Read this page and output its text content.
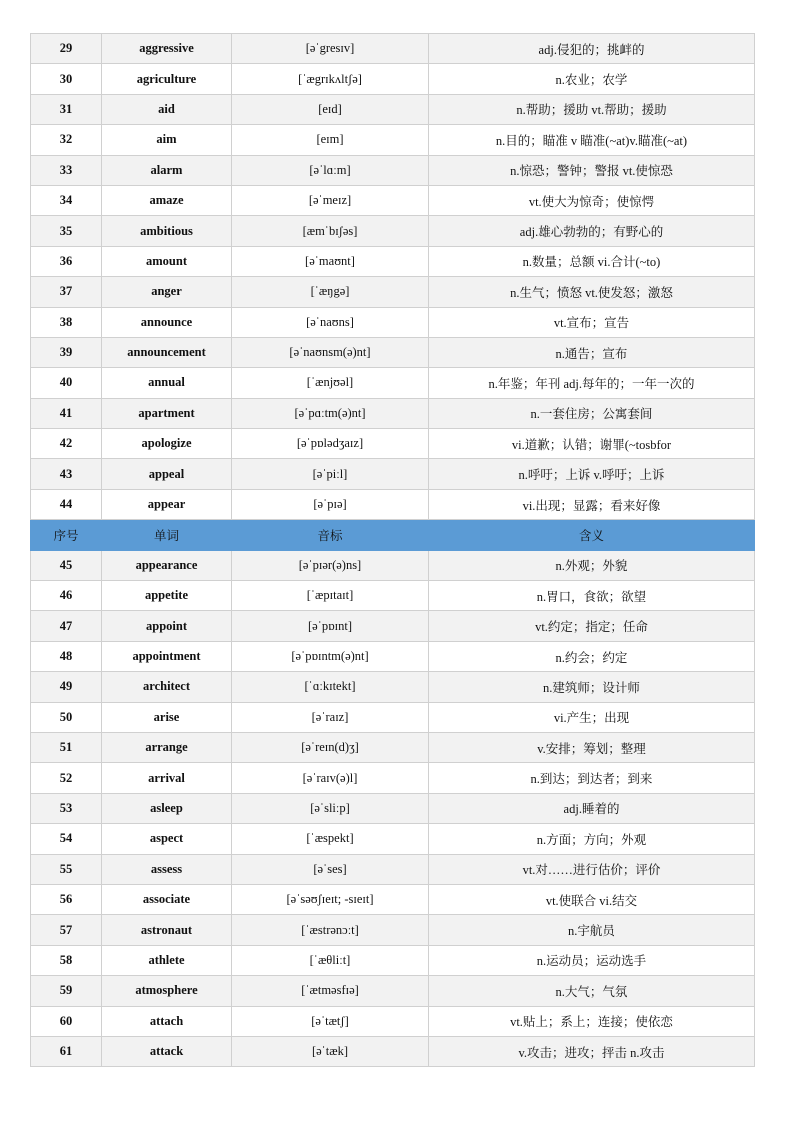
29	aggressive	[əˈgresɪv]	adj.侵犯的；挑衅的
30	agriculture	[ˈægrɪkʌltʃə]	n.农业；农学
31	aid	[eɪd]	n.帮助；援助 vt.帮助；援助
32	aim	[eɪm]	n.目的；瞄准 v 瞄准(~at)v.瞄准(~at)
33	alarm	[əˈlɑːm]	n.惊恐；警钟；警报 vt.使惊恐
34	amaze	[əˈmeɪz]	vt.使大为惊奇；使惊愕
35	ambitious	[æmˈbɪʃəs]	adj.雄心勃勃的；有野心的
36	amount	[əˈmaʊnt]	n.数量；总额 vi.合计(~to)
37	anger	[ˈæŋgə]	n.生气；愤怒 vt.使发怒；激怒
38	announce	[əˈnaʊns]	vt.宣布；宣告
39	announcement	[əˈnaʊnsm(ə)nt]	n.通告；宣布
40	annual	[ˈænjʊəl]	n.年鉴；年刊 adj.每年的；一年一次的
41	apartment	[əˈpɑːtm(ə)nt]	n.一套住房；公寓套间
42	apologize	[əˈpɒlədʒaɪz]	vi.道歉；认错；谢罪(~tosbfor
43	appeal	[əˈpiːl]	n.呼吁；上诉 v.呼吁；上诉
44	appear	[əˈpɪə]	vi.出现；显露；看来好像
序号	单词	音标	含义
45	appearance	[əˈpɪər(ə)ns]	n.外观；外貌
46	appetite	[ˈæpɪtaɪt]	n.胃口，食欲；欲望
47	appoint	[əˈpɒɪnt]	vt.约定；指定；任命
48	appointment	[əˈpɒɪntm(ə)nt]	n.约会；约定
49	architect	[ˈɑːkɪtekt]	n.建筑师；设计师
50	arise	[əˈraɪz]	vi.产生；出现
51	arrange	[əˈreɪn(d)ʒ]	v.安排；筹划；整理
52	arrival	[əˈraɪv(ə)l]	n.到达；到达者；到来
53	asleep	[əˈsliːp]	adj.睡着的
54	aspect	[ˈæspekt]	n.方面；方向；外观
55	assess	[əˈses]	vt.对……进行估价；评价
56	associate	[əˈsəʊʃɪeɪt; -sɪeɪt]	vt.使联合 vi.结交
57	astronaut	[ˈæstrənɔːt]	n.宇航员
58	athlete	[ˈæθliːt]	n.运动员；运动选手
59	atmosphere	[ˈætməsfɪə]	n.大气；气氛
60	attach	[əˈtætʃ]	vt.贴上；系上；连接；使依恋
61	attack	[əˈtæk]	v.攻击；进攻；抨击 n.攻击
